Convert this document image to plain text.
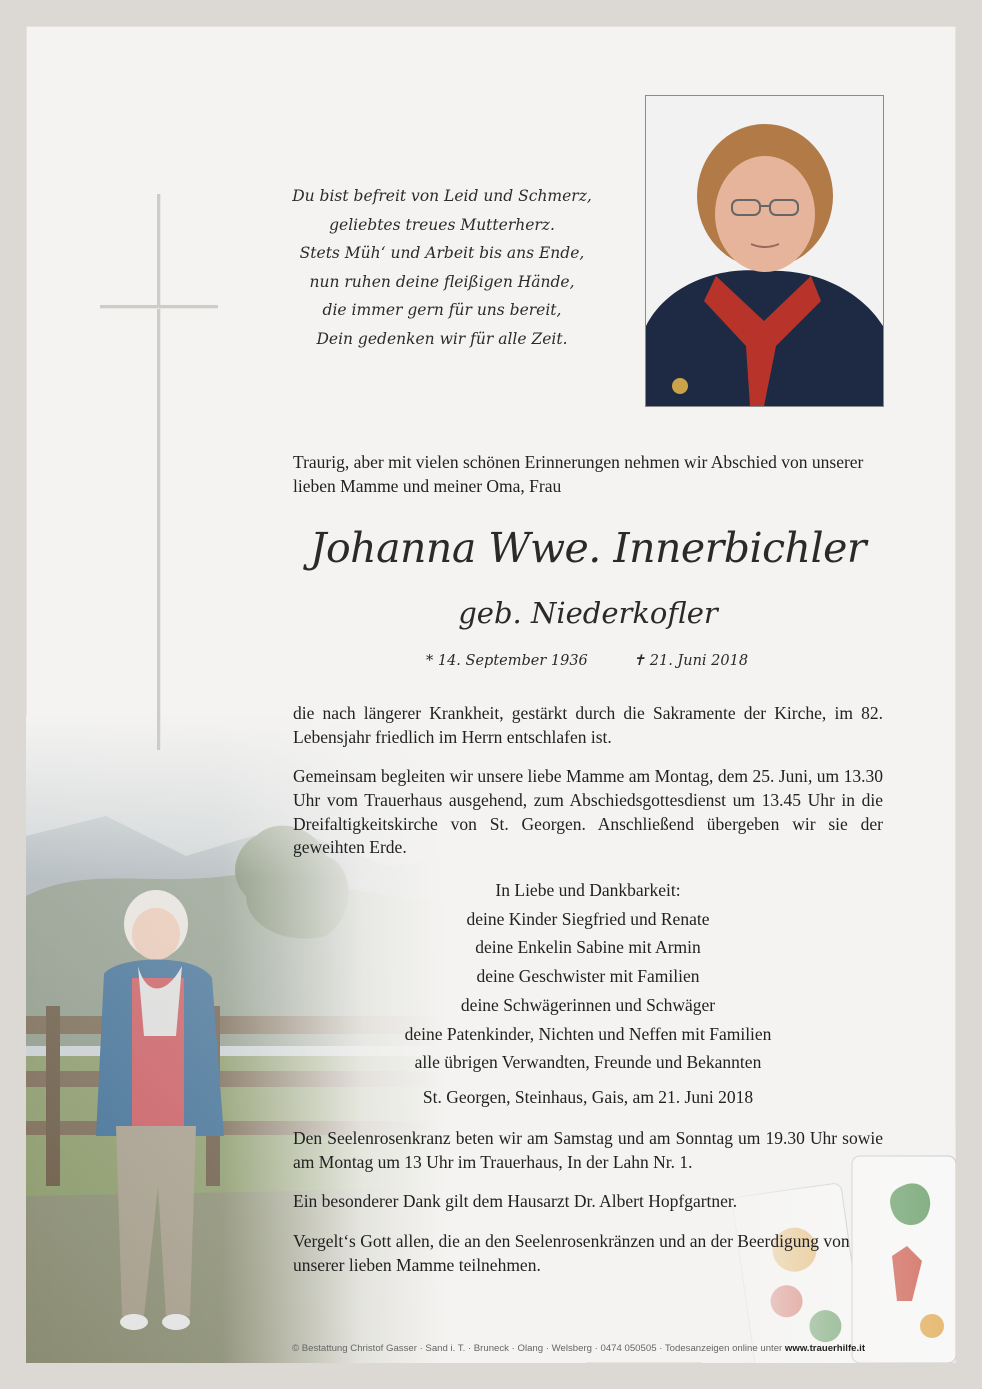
Du bist befreit von Leid und Schmerz,
geliebtes treues Mutterherz.
Stets Müh‘ und Arbeit bis ans Ende,
nun ruhen deine fleißigen Hände,
die immer gern für uns bereit,
Dein gedenken wir für alle Zeit.
Traurig, aber mit vielen schönen Erinnerungen nehmen wir Abschied von unserer lieben Mamme und meiner Oma, Frau
Johanna Wwe. Innerbichler
geb. Niederkofler
* 14. September 1936	✝ 21. Juni 2018
die nach längerer Krankheit, gestärkt durch die Sakramente der Kirche, im 82. Lebensjahr friedlich im Herrn entschlafen ist.
Gemeinsam begleiten wir unsere liebe Mamme am Montag, dem 25. Juni, um 13.30 Uhr vom Trauerhaus ausgehend, zum Abschiedsgottesdienst um 13.45 Uhr in die Dreifaltigkeitskirche von St. Georgen. Anschließend übergeben wir sie der geweihten Erde.
In Liebe und Dankbarkeit:
deine Kinder Siegfried und Renate
deine Enkelin Sabine mit Armin
deine Geschwister mit Familien
deine Schwägerinnen und Schwäger
deine Patenkinder, Nichten und Neffen mit Familien
alle übrigen Verwandten, Freunde und Bekannten
St. Georgen, Steinhaus, Gais, am 21. Juni 2018
Den Seelenrosenkranz beten wir am Samstag und am Sonntag um 19.30 Uhr sowie am Montag um 13 Uhr im Trauerhaus, In der Lahn Nr. 1.
Ein besonderer Dank gilt dem Hausarzt Dr. Albert Hopfgartner.
Vergelt‘s Gott allen, die an den Seelenrosenkränzen und an der Beerdigung von unserer lieben Mamme teilnehmen.
© Bestattung Christof Gasser · Sand i. T. · Bruneck · Olang · Welsberg · 0474 050505 · Todesanzeigen online unter www.trauerhilfe.it
